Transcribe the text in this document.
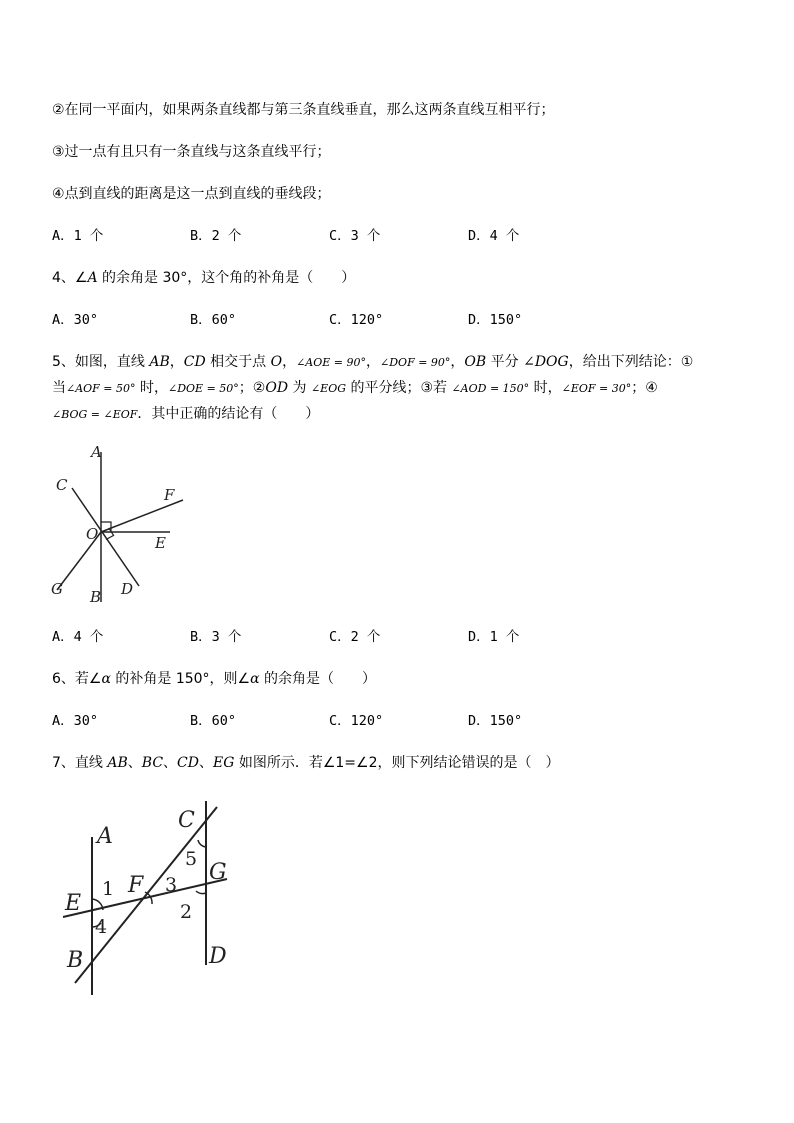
②在同一平面内，如果两条直线都与第三条直线垂直，那么这两条直线互相平行；
③过一点有且只有一条直线与这条直线平行；
④点到直线的距离是这一点到直线的垂线段；
A．1 个	B．2 个	C．3 个	D．4 个
4、∠A 的余角是 30°，这个角的补角是（　　）
A．30°	B．60°	C．120°	D．150°
5、如图，直线 AB，CD 相交于点 O，∠AOE = 90°，∠DOF = 90°，OB 平分 ∠DOG，给出下列结论：①
当∠AOF = 50° 时，∠DOE = 50°；②OD 为 ∠EOG 的平分线；③若 ∠AOD = 150° 时，∠EOF = 30°；④
∠BOG = ∠EOF．其中正确的结论有（　　）
A
C
F
O	E
G B D
A．4 个	B．3 个	C．2 个	D．1 个
6、若∠α 的补角是 150°，则∠α 的余角是（　　）
A．30°	B．60°	C．120°	D．150°
7、直线 AB、BC、CD、EG 如图所示．若∠1=∠2，则下列结论错误的是（　）
A
C
E
F
G
B	D
1	3
5
2
4
